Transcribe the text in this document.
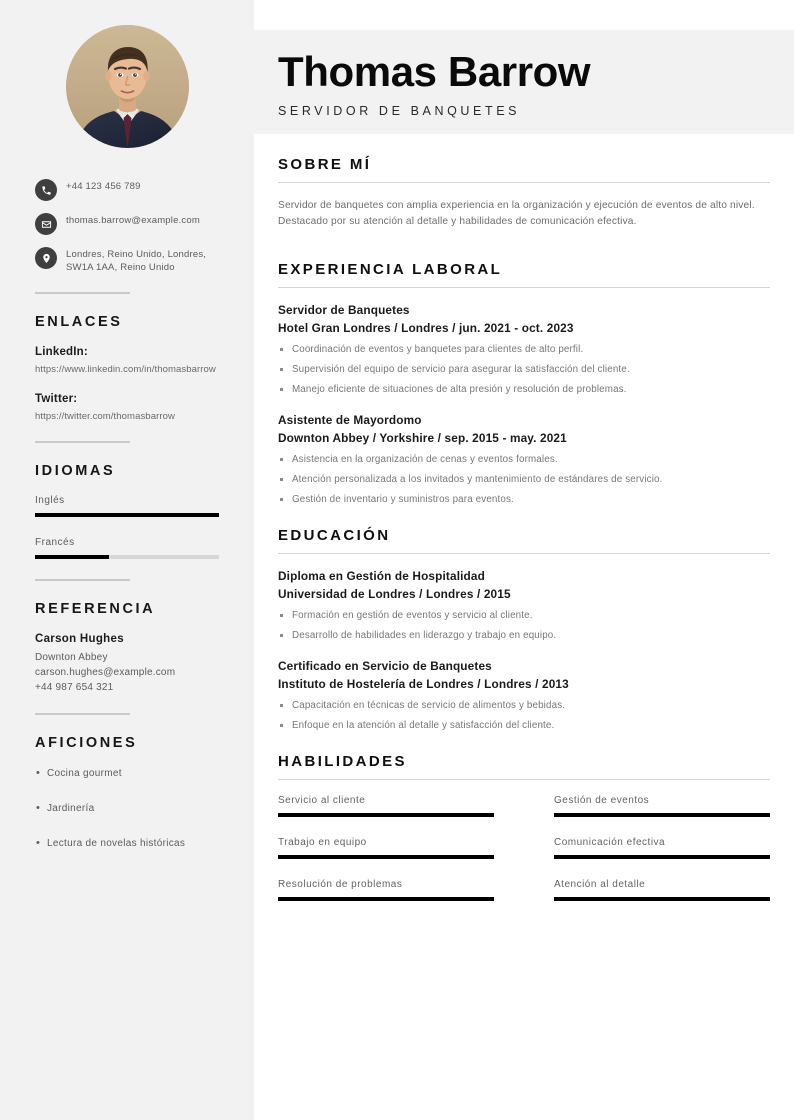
+44 123 456 789
thomas.barrow@example.com
Londres, Reino Unido, Londres, SW1A 1AA, Reino Unido
ENLACES
LinkedIn:
https://www.linkedin.com/in/thomasbarrow
Twitter:
https://twitter.com/thomasbarrow
IDIOMAS
Inglés
Francés
REFERENCIA
Carson Hughes
Downton Abbey
carson.hughes@example.com
+44 987 654 321
AFICIONES
• Cocina gourmet
• Jardinería
• Lectura de novelas históricas
Thomas Barrow
SERVIDOR DE BANQUETES
SOBRE MÍ

Servidor de banquetes con amplia experiencia en la organización y ejecución de eventos de alto nivel. Destacado por su atención al detalle y habilidades de comunicación efectiva.

EXPERIENCIA LABORAL
Servidor de Banquetes
Hotel Gran Londres / Londres / jun. 2021 - oct. 2023
Coordinación de eventos y banquetes para clientes de alto perfil.
Supervisión del equipo de servicio para asegurar la satisfacción del cliente.
Manejo eficiente de situaciones de alta presión y resolución de problemas.
Asistente de Mayordomo
Downton Abbey / Yorkshire / sep. 2015 - may. 2021
Asistencia en la organización de cenas y eventos formales.
Atención personalizada a los invitados y mantenimiento de estándares de servicio.
Gestión de inventario y suministros para eventos.
EDUCACIÓN
Diploma en Gestión de Hospitalidad
Universidad de Londres / Londres / 2015
Formación en gestión de eventos y servicio al cliente.
Desarrollo de habilidades en liderazgo y trabajo en equipo.
Certificado en Servicio de Banquetes
Instituto de Hostelería de Londres / Londres / 2013
Capacitación en técnicas de servicio de alimentos y bebidas.
Enfoque en la atención al detalle y satisfacción del cliente.
HABILIDADES
Servicio al cliente	Gestión de eventos
Trabajo en equipo	Comunicación efectiva
Resolución de problemas	Atención al detalle
